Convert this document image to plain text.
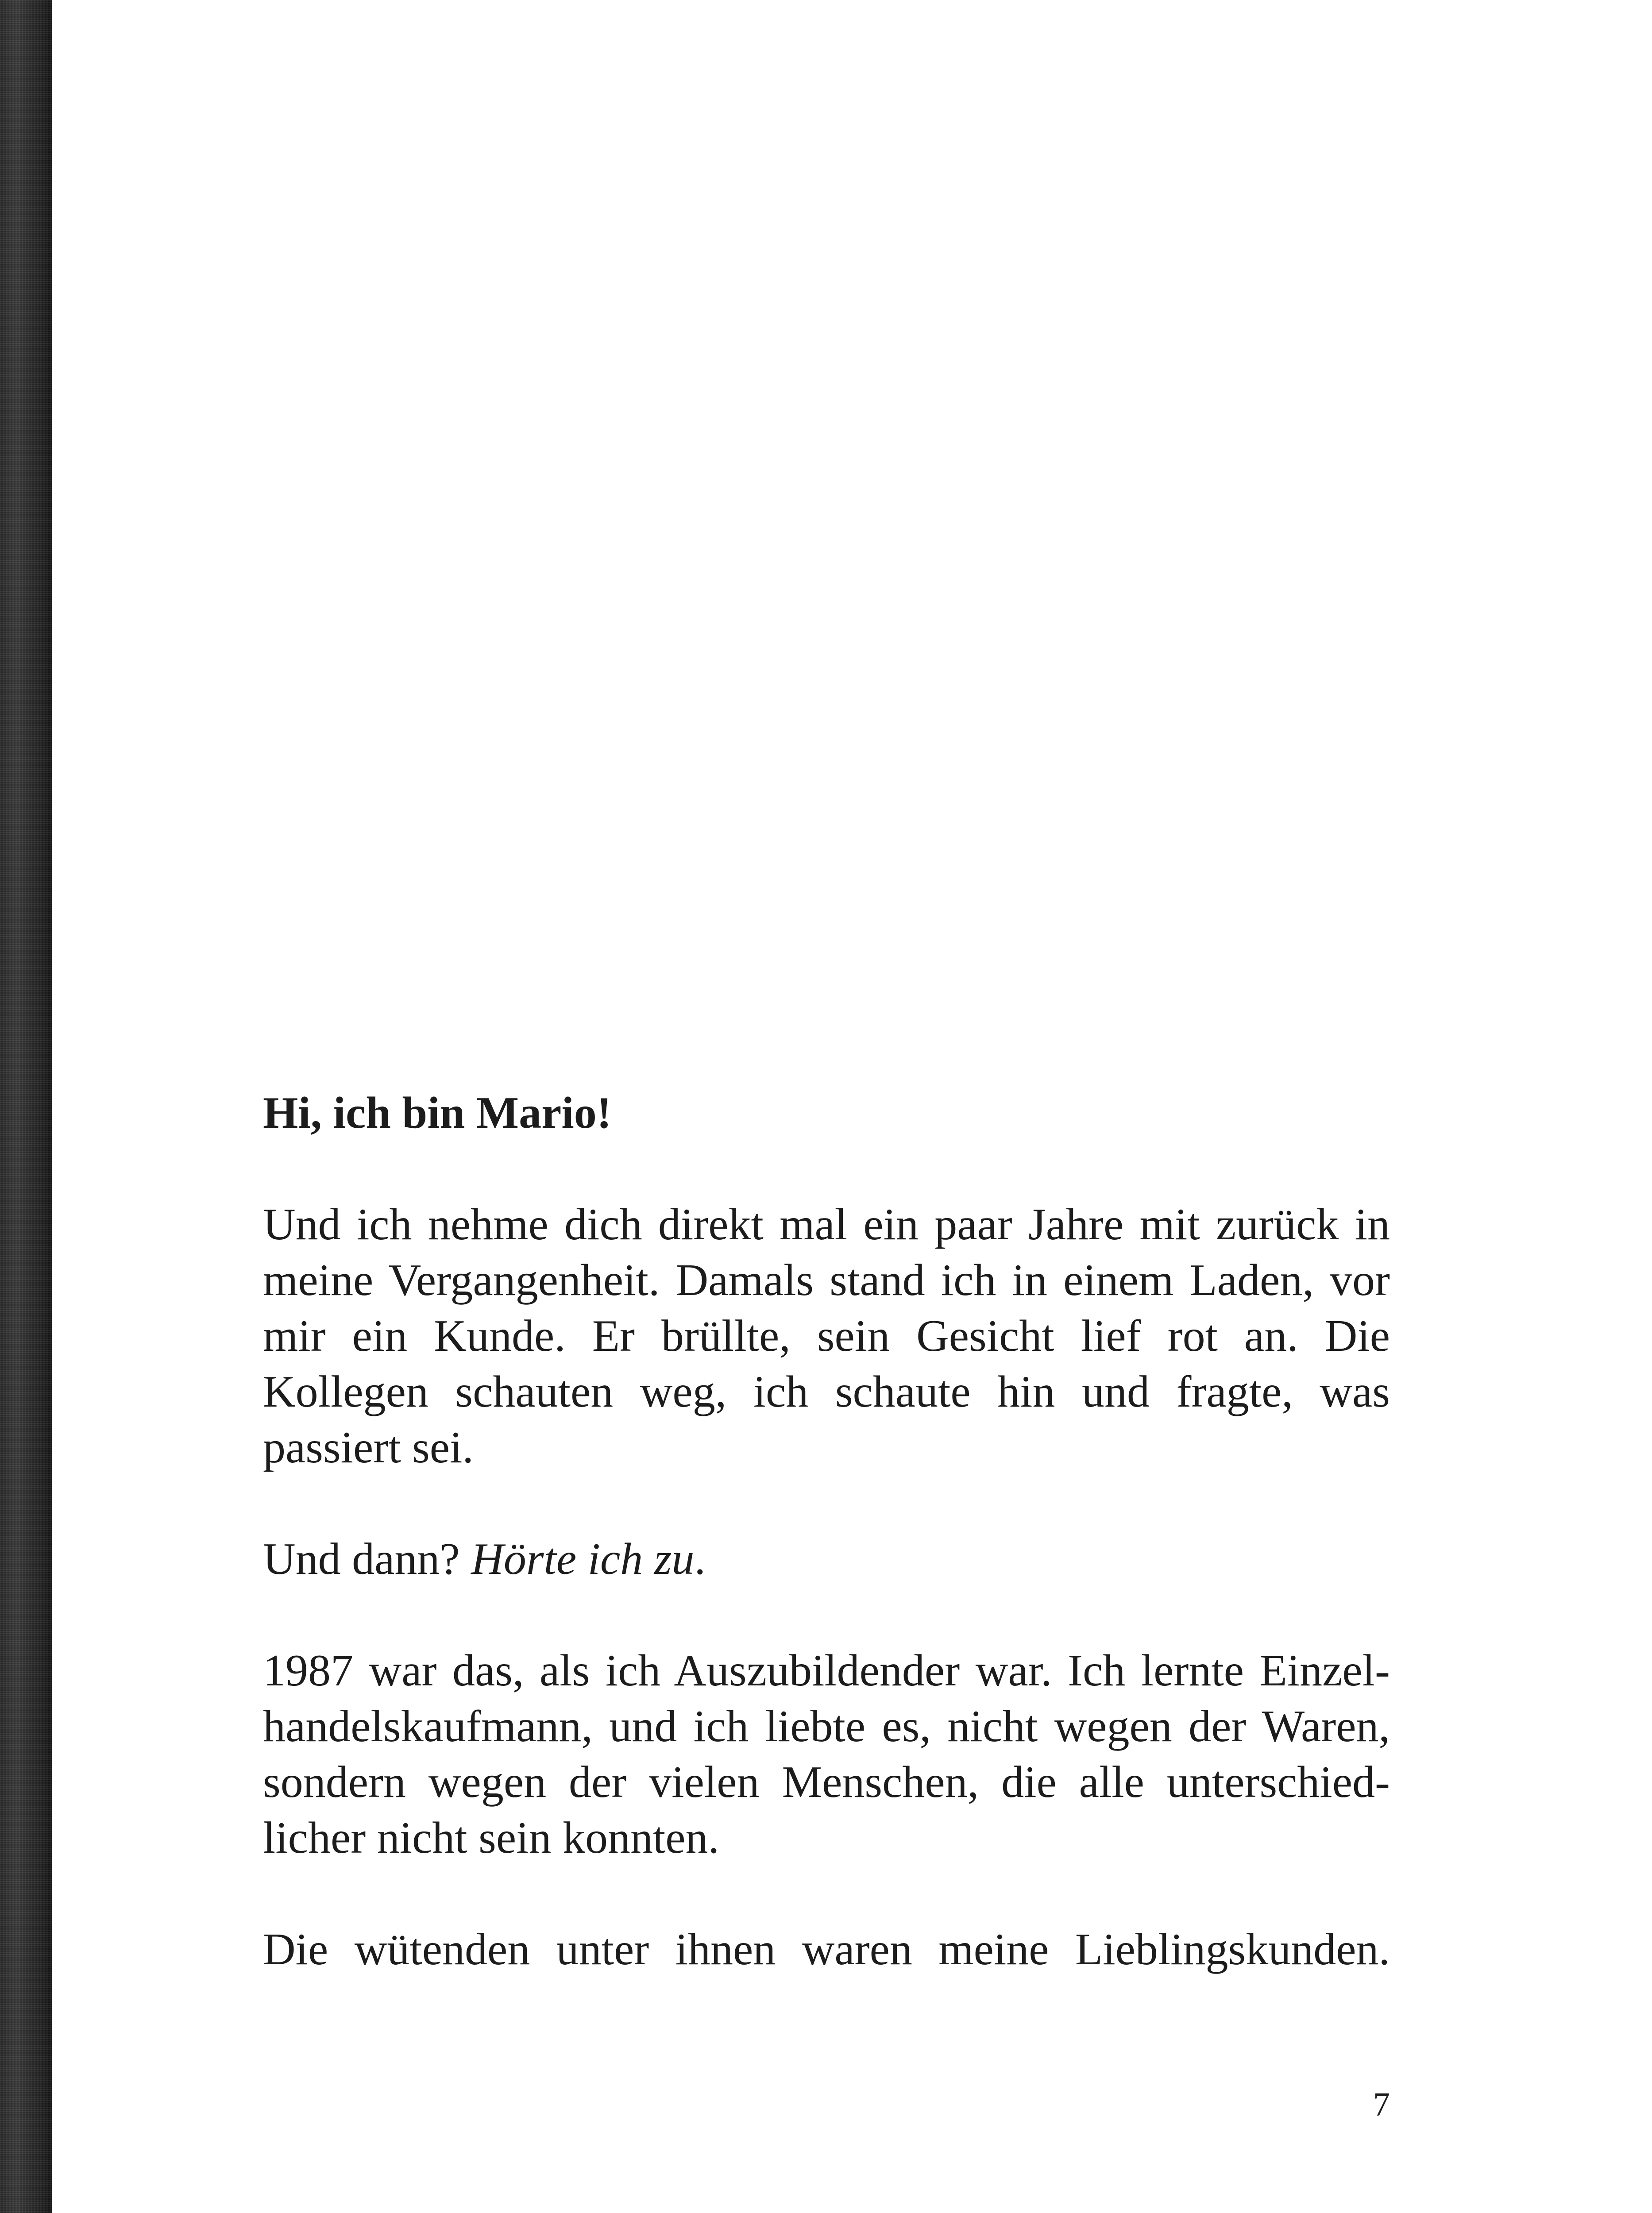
Hi, ich bin Mario!

Und ich nehme dich direkt mal ein paar Jahre mit zurück in meine Vergangenheit. Damals stand ich in einem Laden, vor mir ein Kunde. Er brüllte, sein Gesicht lief rot an. Die Kollegen schauten weg, ich schaute hin und fragte, was passiert sei.

Und dann? Hörte ich zu.

1987 war das, als ich Auszubildender war. Ich lernte Einzelhandelskaufmann, und ich liebte es, nicht wegen der Waren, sondern wegen der vielen Menschen, die alle unterschiedlicher nicht sein konnten.

Die wütenden unter ihnen waren meine Lieblingskunden.

7
